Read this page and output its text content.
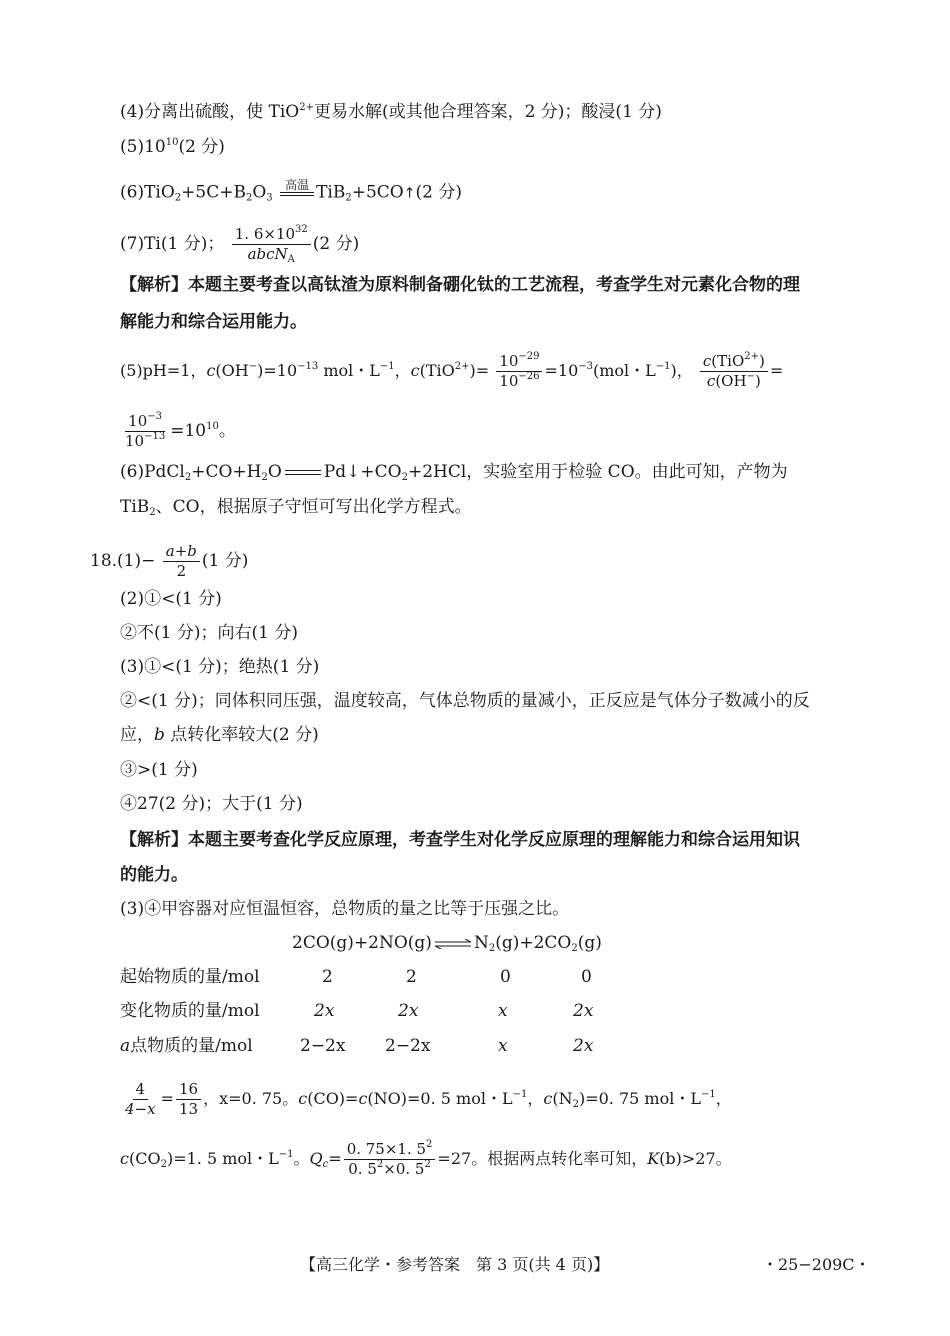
(4)分离出硫酸，使 TiO$^{2+}$更易水解(或其他合理答案，2 分)；酸浸(1 分)
$(5)10^{10}(2$ 分)
$(6)TiO_2+5C+B_2O_3$
高温 TiB$_2$+5CO↑(2 分)
(7)Ti(1 分)； $\frac{1. 6\times 10^{32}}{abcN_A} (2$ 分)
【解析】本题主要考查以高钛渣为原料制备硼化钛的工艺流程，考查学生对元素化合物的理
解能力和综合运用能力。
(5)pH=1，$c(OH^-)=10^{-13}$ mol・$L^{-1}$，$c(TiO^{2+})= \frac{10^{-29}}{10^{-26}} =10^{-3}(mol$・$L^{-1}$)， $\frac{c(TiO^{2+})}{c(OH^-)}$ =
$\frac{10^{-3}}{10^{-13}} =10^{10}$。
$(6)PdCl_2+CO+H_2O$ $Pd↓+CO_2+2HCl$，实验室用于检验 CO。由此可知，产物为
TiB$_2$、CO，根据原子守恒可写出化学方程式。
$18.(1)- \frac{a+b}{2} (1$ 分)
(2)①<(1 分)
②不(1 分)；向右(1 分)
(3)①<(1 分)；绝热(1 分)
②<(1 分)；同体积同压强，温度较高，气体总物质的量减小，正反应是气体分子数减小的反
应，b 点转化率较大(2 分)
③>(1 分)
④27(2 分)；大于(1 分)
【解析】本题主要考查化学反应原理，考查学生对化学反应原理的理解能力和综合运用知识
的能力。
(3)④甲容器对应恒温恒容，总物质的量之比等于压强之比。
2CO(g)+2NO(g) ⇌ $N_2(g)+2CO_2(g)$
起始物质的量/mol	2	2	0	0
变化物质的量/mol	2x	2x	x	2x
a 点物质的量/mol	2−2x 2−2x	x	2x
$\frac{4}{4-x} = \frac{16}{13}$ ，x=0. 75。c(CO)=c(NO)=0. 5 mol・$L^{-1}$，$c(N_2)=0$. 75 mol・$L^{-1}$，
$c(CO_2)=1$. 5 mol・$L^{-1}$。$Q_c= \frac{0. 75\times 1. 5^2}{0. 5^2\times 0. 5^2} =27$。根据两点转化率可知，K(b)>27。
【高三化学・参考答案　第 3 页(共 4 页)】	・25−209C・
